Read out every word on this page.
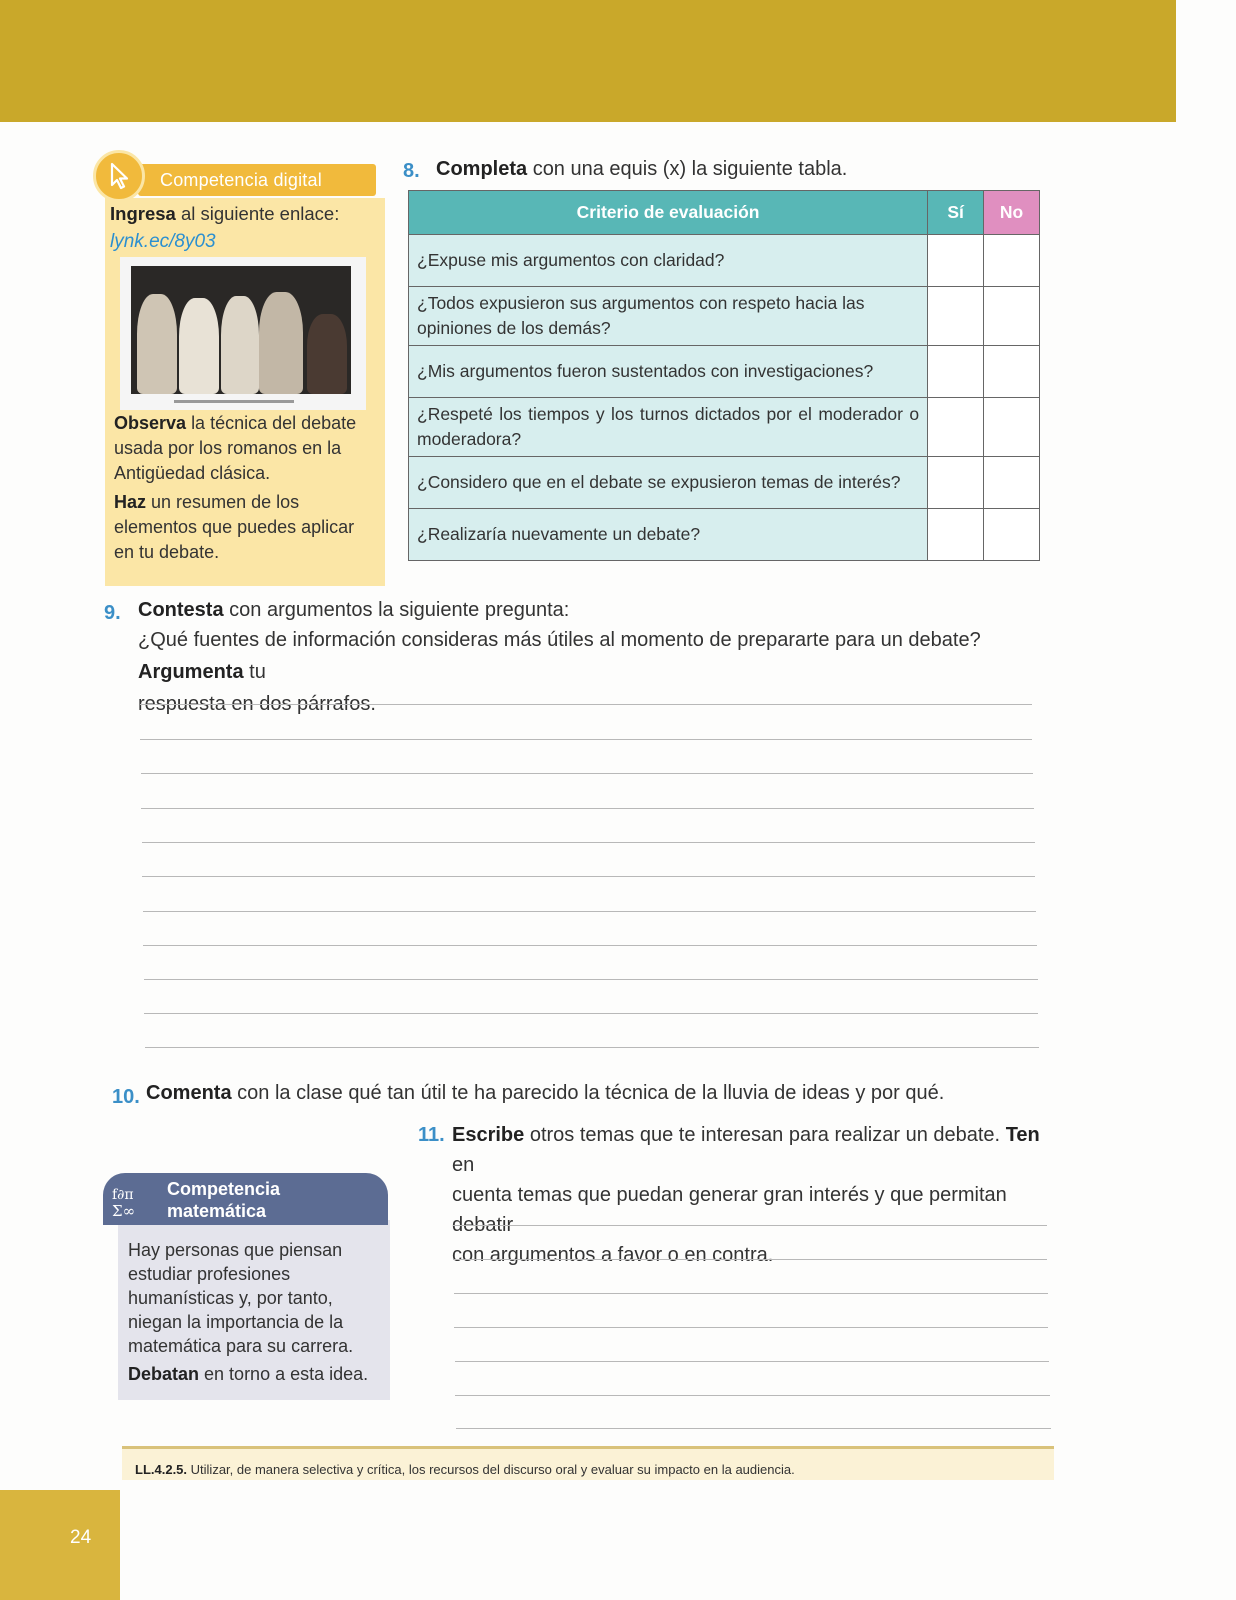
Competencia digital
Ingresa al siguiente enlace:
lynk.ec/8y03
Observa la técnica del debate
usada por los romanos en la
Antigüedad clásica.
Haz un resumen de los
elementos que puedes aplicar
en tu debate.
8. Completa con una equis (x) la siguiente tabla.
Criterio de evaluación	Sí	No
¿Expuse mis argumentos con claridad?		
¿Todos expusieron sus argumentos con respeto hacia las opiniones de los demás?		
¿Mis argumentos fueron sustentados con investigaciones?		
¿Respeté los tiempos y los turnos dictados por el moderador o moderadora?		
¿Considero que en el debate se expusieron temas de interés?		
¿Realizaría nuevamente un debate?		
9. Contesta con argumentos la siguiente pregunta:
¿Qué fuentes de información consideras más útiles al momento de prepararte para un debate? Argumenta tu
respuesta en dos párrafos.
10. Comenta con la clase qué tan útil te ha parecido la técnica de la lluvia de ideas y por qué.
11. Escribe otros temas que te interesan para realizar un debate. Ten en
cuenta temas que puedan generar gran interés y que permitan debatir
con argumentos a favor o en contra.
f∂π
Σ∞
Competencia
matemática
Hay personas que piensan
estudiar profesiones
humanísticas y, por tanto,
niegan la importancia de la
matemática para su carrera.
Debatan en torno a esta idea.
LL.4.2.5. Utilizar, de manera selectiva y crítica, los recursos del discurso oral y evaluar su impacto en la audiencia.
24
